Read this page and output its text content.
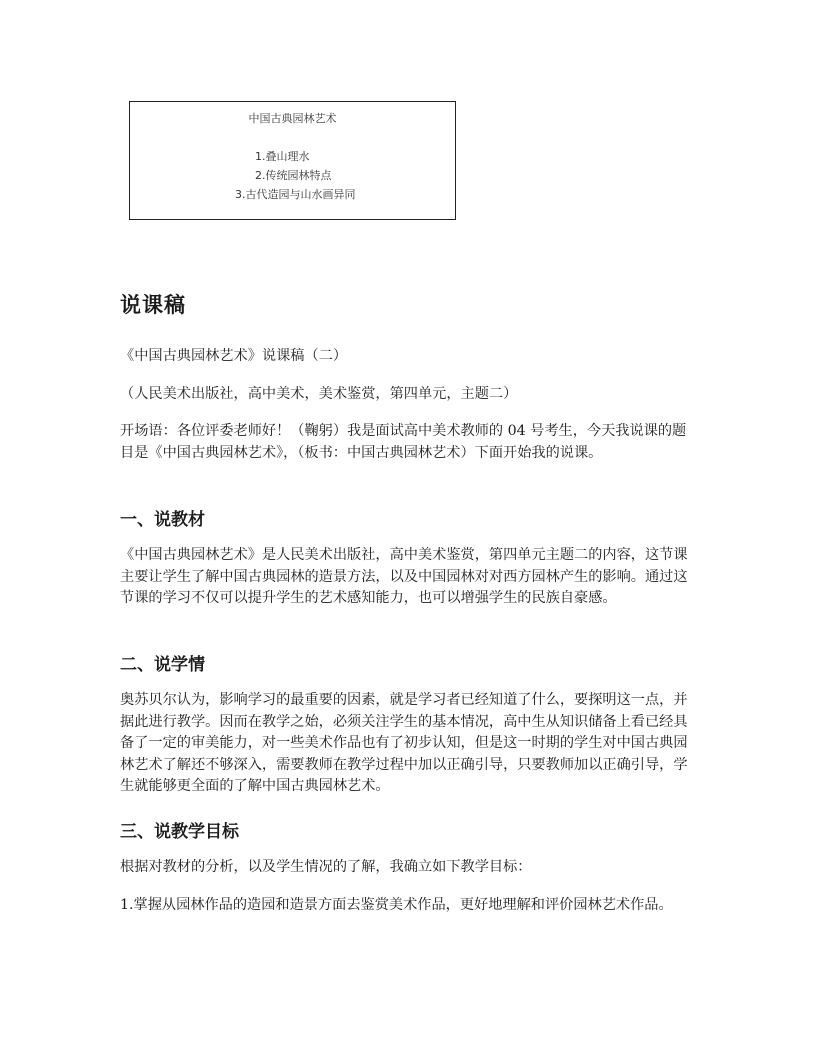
中国古典园林艺术
1.叠山理水
2.传统园林特点
3.古代造园与山水画异同
说课稿

《中国古典园林艺术》说课稿（二）

（人民美术出版社，高中美术，美术鉴赏，第四单元，主题二）

开场语：各位评委老师好！（鞠躬）我是面试高中美术教师的 04 号考生，今天我说课的题目是《中国古典园林艺术》，（板书：中国古典园林艺术）下面开始我的说课。

一、说教材

《中国古典园林艺术》是人民美术出版社，高中美术鉴赏，第四单元主题二的内容，这节课主要让学生了解中国古典园林的造景方法，以及中国园林对对西方园林产生的影响。通过这节课的学习不仅可以提升学生的艺术感知能力，也可以增强学生的民族自豪感。

二、说学情

奥苏贝尔认为，影响学习的最重要的因素，就是学习者已经知道了什么，要探明这一点，并据此进行教学。因而在教学之始，必须关注学生的基本情况，高中生从知识储备上看已经具备了一定的审美能力，对一些美术作品也有了初步认知，但是这一时期的学生对中国古典园林艺术了解还不够深入，需要教师在教学过程中加以正确引导，只要教师加以正确引导，学生就能够更全面的了解中国古典园林艺术。

三、说教学目标

根据对教材的分析，以及学生情况的了解，我确立如下教学目标：

1.掌握从园林作品的造园和造景方面去鉴赏美术作品，更好地理解和评价园林艺术作品。
